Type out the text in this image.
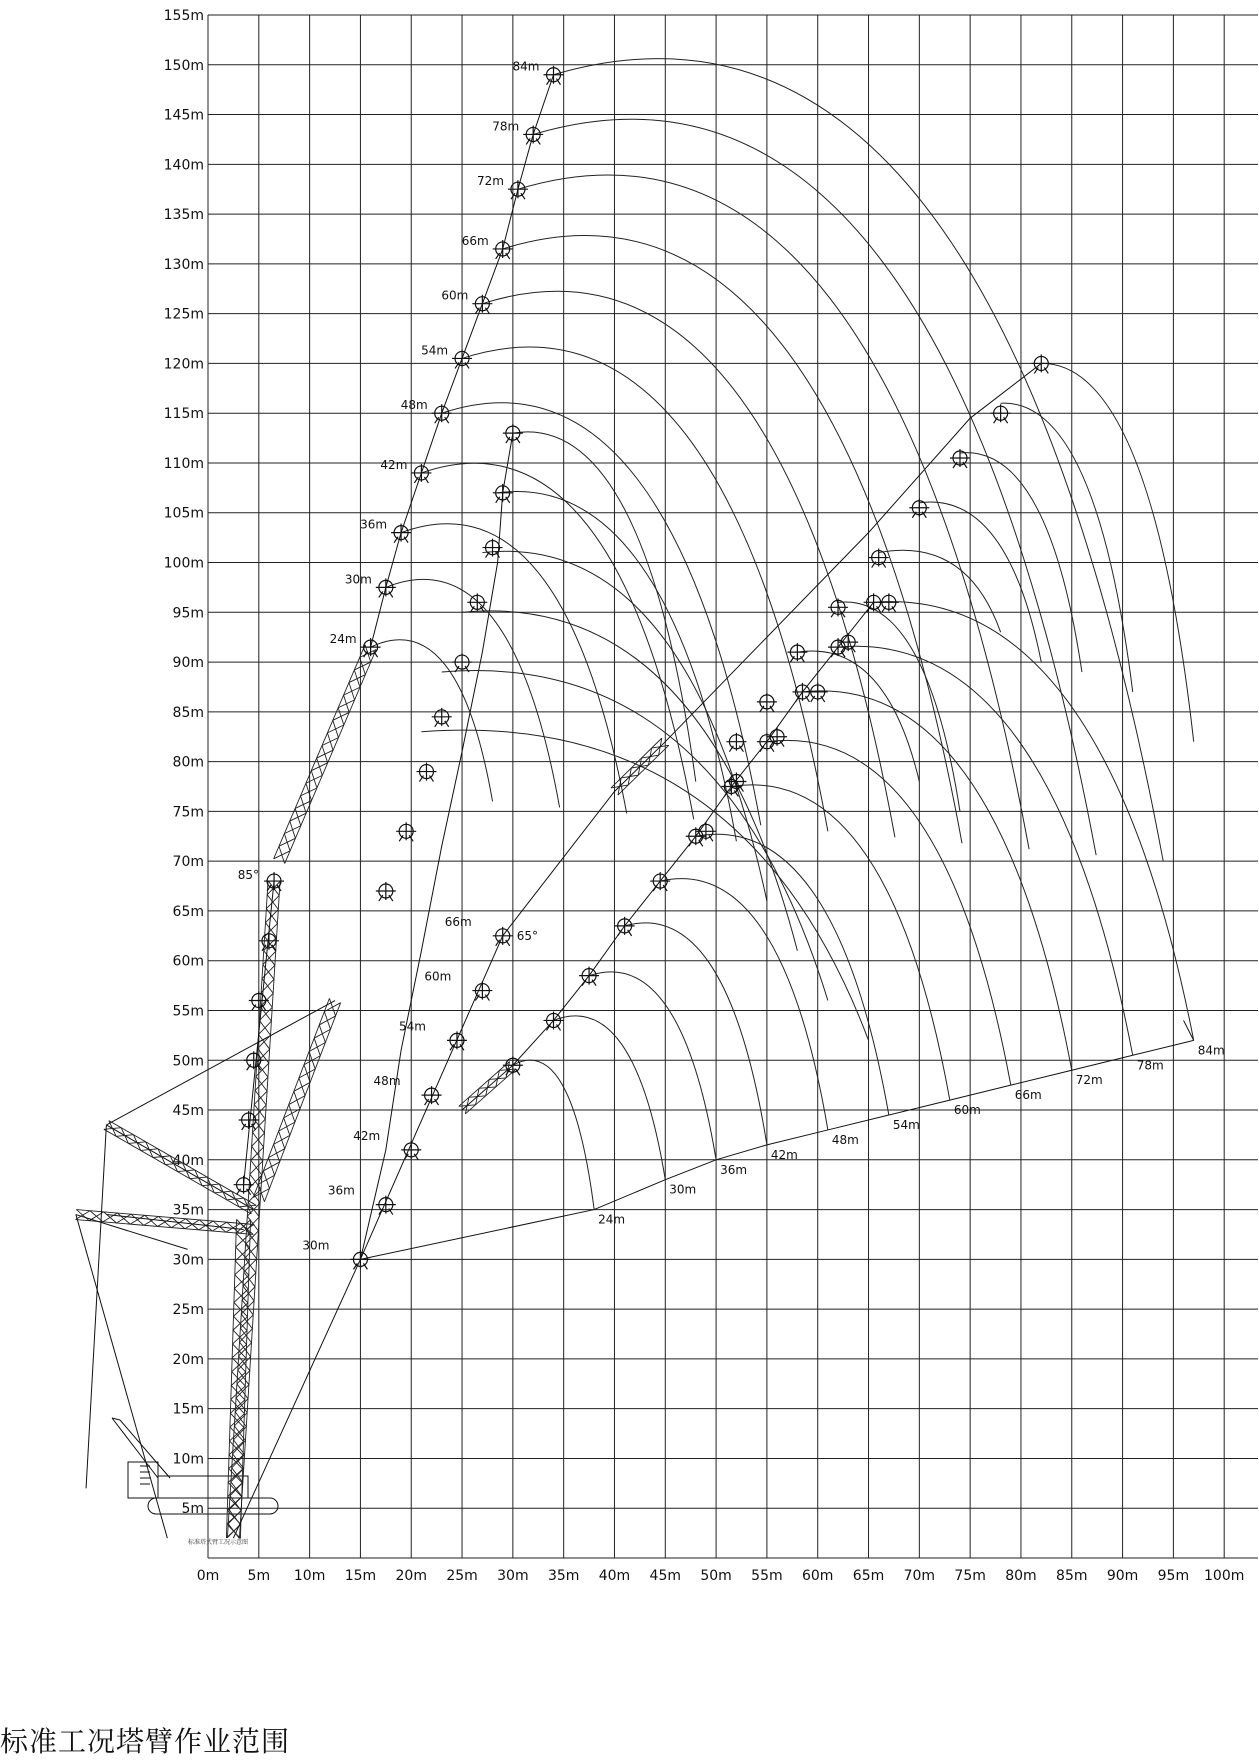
0m 5m 10m 15m 20m 25m 30m 35m 40m 45m 50m 55m 60m 65m 70m 75m 80m 85m 90m 95m 100m
5m
10m
15m
20m
25m
30m
35m
40m
45m
50m
55m
60m
65m
70m
75m
80m
85m
90m
95m
100m
105m
110m
115m
120m
125m
130m
135m
140m
145m
150m
155m
30m
36m
42m
48m
54m
60m
66m
24m
30m
36m
42m
48m
54m
60m
66m
72m
78m
84m
24m
30m
36m
42m
48m
54m
60m
66m
72m
78m
84m
85°
65°
标准塔式臂工况示意图
标准工况塔臂作业范围
